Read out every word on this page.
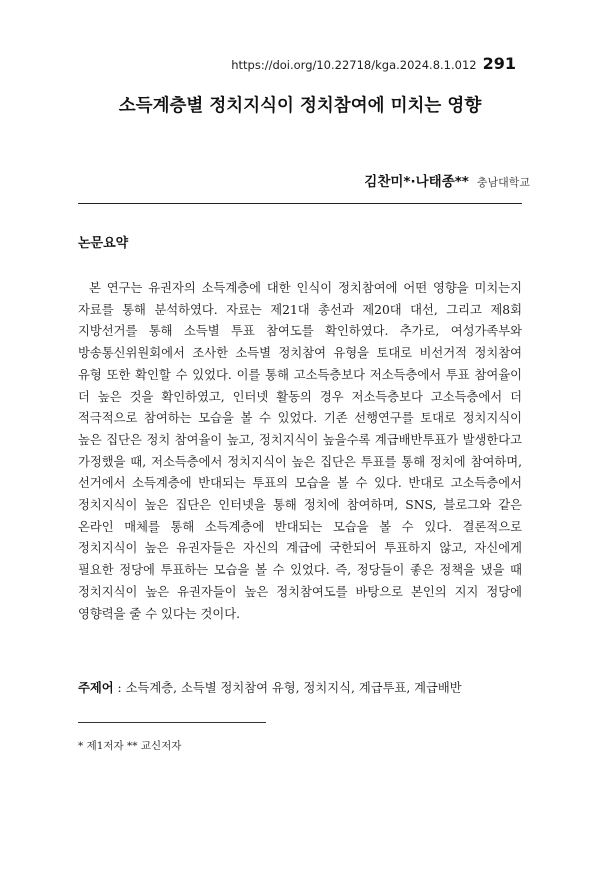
https://doi.org/10.22718/kga.2024.8.1.012 291
소득계층별 정치지식이 정치참여에 미치는 영향
김찬미*·나태종** 충남대학교
논문요약

본 연구는 유권자의 소득계층에 대한 인식이 정치참여에 어떤 영향을 미치는지 자료를 통해 분석하였다. 자료는 제21대 총선과 제20대 대선, 그리고 제8회 지방선거를 통해 소득별 투표 참여도를 확인하였다. 추가로, 여성가족부와 방송통신위원회에서 조사한 소득별 정치참여 유형을 토대로 비선거적 정치참여 유형 또한 확인할 수 있었다. 이를 통해 고소득층보다 저소득층에서 투표 참여율이 더 높은 것을 확인하였고, 인터넷 활동의 경우 저소득층보다 고소득층에서 더 적극적으로 참여하는 모습을 볼 수 있었다. 기존 선행연구를 토대로 정치지식이 높은 집단은 정치 참여율이 높고, 정치지식이 높을수록 계급배반투표가 발생한다고 가정했을 때, 저소득층에서 정치지식이 높은 집단은 투표를 통해 정치에 참여하며, 선거에서 소득계층에 반대되는 투표의 모습을 볼 수 있다. 반대로 고소득층에서 정치지식이 높은 집단은 인터넷을 통해 정치에 참여하며, SNS, 블로그와 같은 온라인 매체를 통해 소득계층에 반대되는 모습을 볼 수 있다. 결론적으로 정치지식이 높은 유권자들은 자신의 계급에 국한되어 투표하지 않고, 자신에게 필요한 정당에 투표하는 모습을 볼 수 있었다. 즉, 정당들이 좋은 정책을 냈을 때 정치지식이 높은 유권자들이 높은 정치참여도를 바탕으로 본인의 지지 정당에 영향력을 줄 수 있다는 것이다.

주제어 : 소득계층, 소득별 정치참여 유형, 정치지식, 계급투표, 계급배반
* 제1저자 ** 교신저자
